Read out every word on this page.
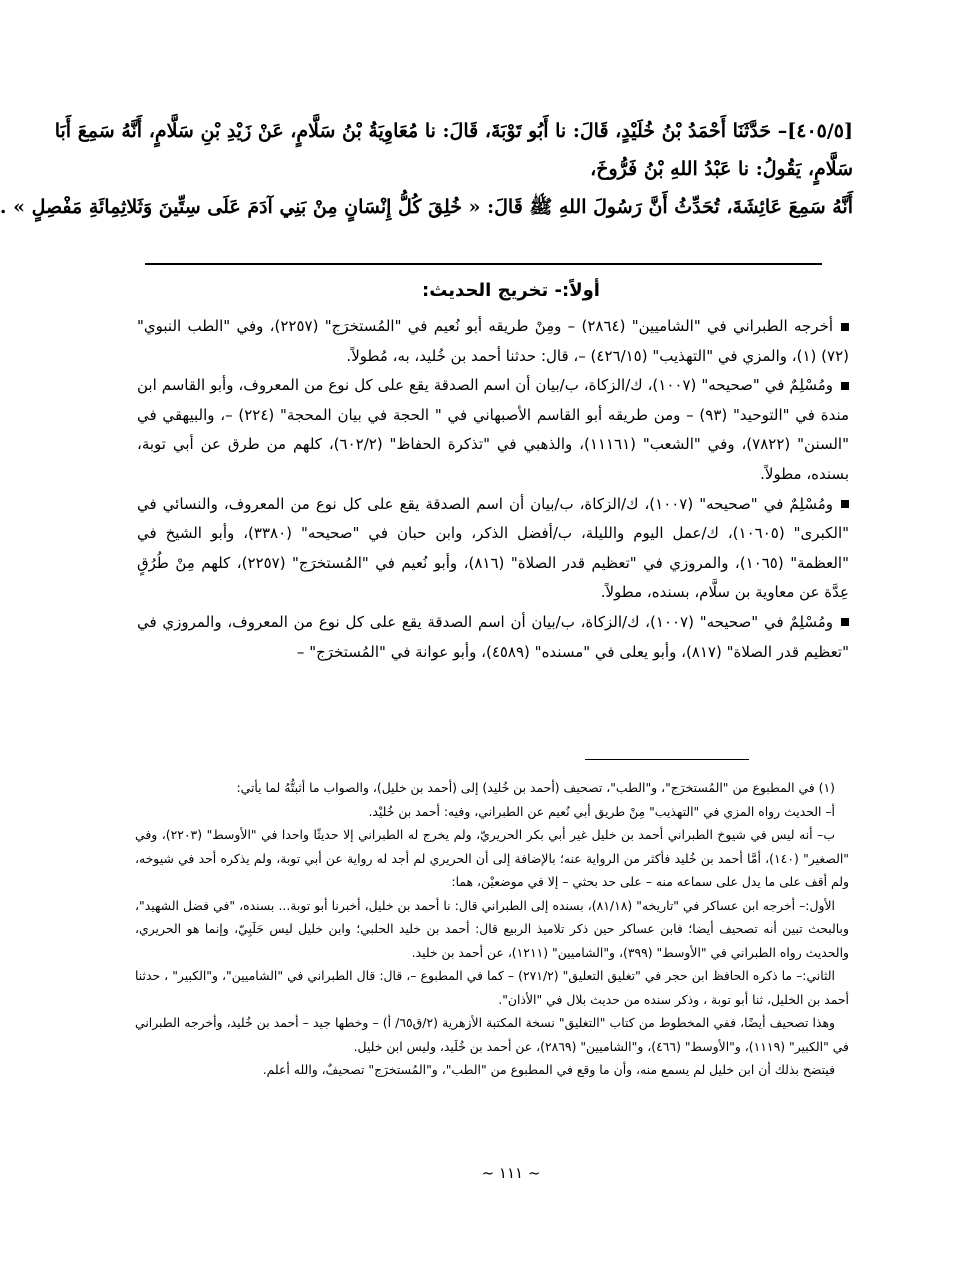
[٤٠٥/٥]– حَدَّثَنَا أَحْمَدُ بْنُ خُلَيْدٍ، قَالَ: نا أَبُو تَوْبَةَ، قَالَ: نا مُعَاوِيَةُ بْنُ سَلَّامٍ، عَنْ زَيْدِ بْنِ سَلَّامٍ، أَنَّهُ سَمِعَ أَبَا
سَلَّامٍ، يَقُولُ: نا عَبْدُ اللهِ بْنُ فَرُّوخَ،
أَنَّهُ سَمِعَ عَائِشَةَ، تُحَدِّثُ أَنَّ رَسُولَ اللهِ ﷺ قَالَ: « خُلِقَ كُلُّ إِنْسَانٍ مِنْ بَنِي آدَمَ عَلَى سِتِّينَ وَثَلاثِمِائَةِ مَفْصِلٍ » .
أولاً:- تخريج الحديث:

أخرجه الطبراني في "الشاميين" (٢٨٦٤) – ومِنْ طريقه أبو نُعيم في "المُستخرَج" (٢٢٥٧)، وفي "الطب النبوي" (٧٢) (١)، والمزي في "التهذيب" (٤٢٦/١٥) –، قال: حدثنا أحمد بن خُليد، به، مُطولاً.

ومُسْلِمٌ في "صحيحه" (١٠٠٧)، ك/الزكاة، ب/بيان أن اسم الصدقة يقع على كل نوع من المعروف، وأبو القاسم ابن مندة في "التوحيد" (٩٣) – ومن طريقه أبو القاسم الأصبهاني في " الحجة في بيان المحجة" (٢٢٤) –، والبيهقي في "السنن" (٧٨٢٢)، وفي "الشعب" (١١١٦١)، والذهبي في "تذكرة الحفاظ" (٦٠٢/٢)، كلهم من طرق عن أبي توبة، بسنده، مطولاً.

ومُسْلِمٌ في "صحيحه" (١٠٠٧)، ك/الزكاة، ب/بيان أن اسم الصدقة يقع على كل نوع من المعروف، والنسائي في "الكبرى" (١٠٦٠٥)، ك/عمل اليوم والليلة، ب/أفضل الذكر، وابن حبان في "صحيحه" (٣٣٨٠)، وأبو الشيخ في "العظمة" (١٠٦٥)، والمروزي في "تعظيم قدر الصلاة" (٨١٦)، وأبو نُعيم في "المُستخرَج" (٢٢٥٧)، كلهم مِنْ طُرُقٍ عِدَّة عن معاوية بن سلَّام، بسنده، مطولاً.

ومُسْلِمٌ في "صحيحه" (١٠٠٧)، ك/الزكاة، ب/بيان أن اسم الصدقة يقع على كل نوع من المعروف، والمروزي في "تعظيم قدر الصلاة" (٨١٧)، وأبو يعلى في "مسنده" (٤٥٨٩)، وأبو عوانة في "المُستخرَج" –

(١) في المطبوع من "المُستخرَج"، و"الطب"، تصحيف (أحمد بن خُليد) إلى (أحمد بن خليل)، والصواب ما أثبتُّهُ لما يأتي:

أ– الحديث رواه المزي في "التهذيب" مِنْ طريق أبي نُعيم عن الطبراني، وفيه: أحمد بن خُليْد.

ب– أنه ليس في شيوخ الطبراني أحمد بن خليل غير أبي بكر الحريريّ، ولم يخرج له الطبراني إلا حديثًا واحدا في "الأوسط" (٢٢٠٣)، وفي "الصغير" (١٤٠)، أمَّا أحمد بن خُليد فأكثر من الرواية عنه؛ بالإضافة إلى أن الحريري لم أجد له رواية عن أبي توبة، ولم يذكره أحد في شيوخه، ولم أقف على ما يدل على سماعه منه – على حد بحثي – إلا في موضعيْن، هما:

الأول:– أخرجه ابن عساكر في "تاريخه" (٨١/١٨)، بسنده إلى الطبراني قال: نا أحمد بن خليل، أخبرنا أبو توبة... بسنده، "في فضل الشهيد"، وبالبحث تبين أنه تصحيف أيضا؛ فابن عساكر حين ذكر تلاميذ الربيع قال: أحمد بن خليد الحلبي؛ وابن خليل ليس حَلَبِيّ، وإنما هو الحريري، والحديث رواه الطبراني في "الأوسط" (٣٩٩)، و"الشاميين" (١٢١١)، عن أحمد بن خليد.

الثاني:– ما ذكره الحافظ ابن حجر في "تغليق التعليق" (٢٧١/٢) – كما في المطبوع –، قال: قال الطبراني في "الشاميين"، و"الكبير" ، حدثنا أحمد بن الخليل، ثنا أبو توبة ، وذكر سنده من حديث بلال في "الأذان".

وهذا تصحيف أيضًا، ففي المخطوط من كتاب "التغليق" نسخة المكتبة الأزهرية (٢/ق٦٥/ أ) – وخطها جيد – أحمد بن خُليد، وأخرجه الطبراني في "الكبير" (١١١٩)، و"الأوسط" (٤٦٦)، و"الشاميين" (٢٨٦٩)، عن أحمد بن خُلَيد، وليس ابن خليل.

فيتضح بذلك أن ابن خليل لم يسمع منه، وأن ما وقع في المطبوع من "الطب"، و"المُستخرَج" تصحيفٌ، والله أعلم.

~ ١١١ ~
